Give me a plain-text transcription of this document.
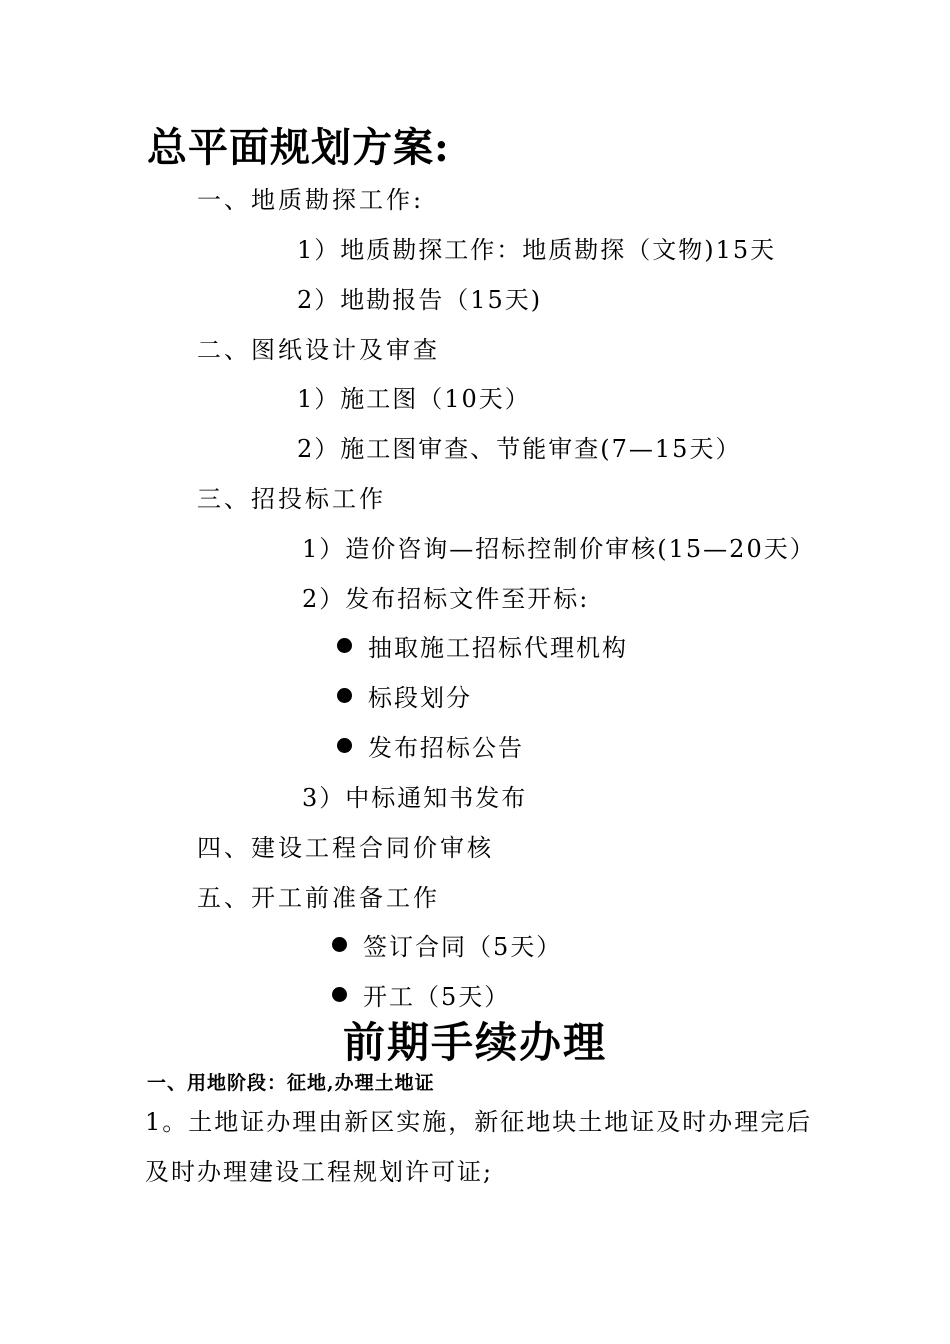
总平面规划方案:
一、地质勘探工作:
1）地质勘探工作：地质勘探（文物)15天
2）地勘报告（15天)
二、图纸设计及审查
1）施工图（10天）
2）施工图审查、节能审查(7—15天）
三、招投标工作
1）造价咨询—招标控制价审核(15—20天）
2）发布招标文件至开标:
抽取施工招标代理机构
标段划分
发布招标公告
3）中标通知书发布
四、建设工程合同价审核
五、开工前准备工作
签订合同（5天）
开工（5天）
前期手续办理
一、用地阶段：征地,办理土地证
1。土地证办理由新区实施，新征地块土地证及时办理完后
及时办理建设工程规划许可证;
